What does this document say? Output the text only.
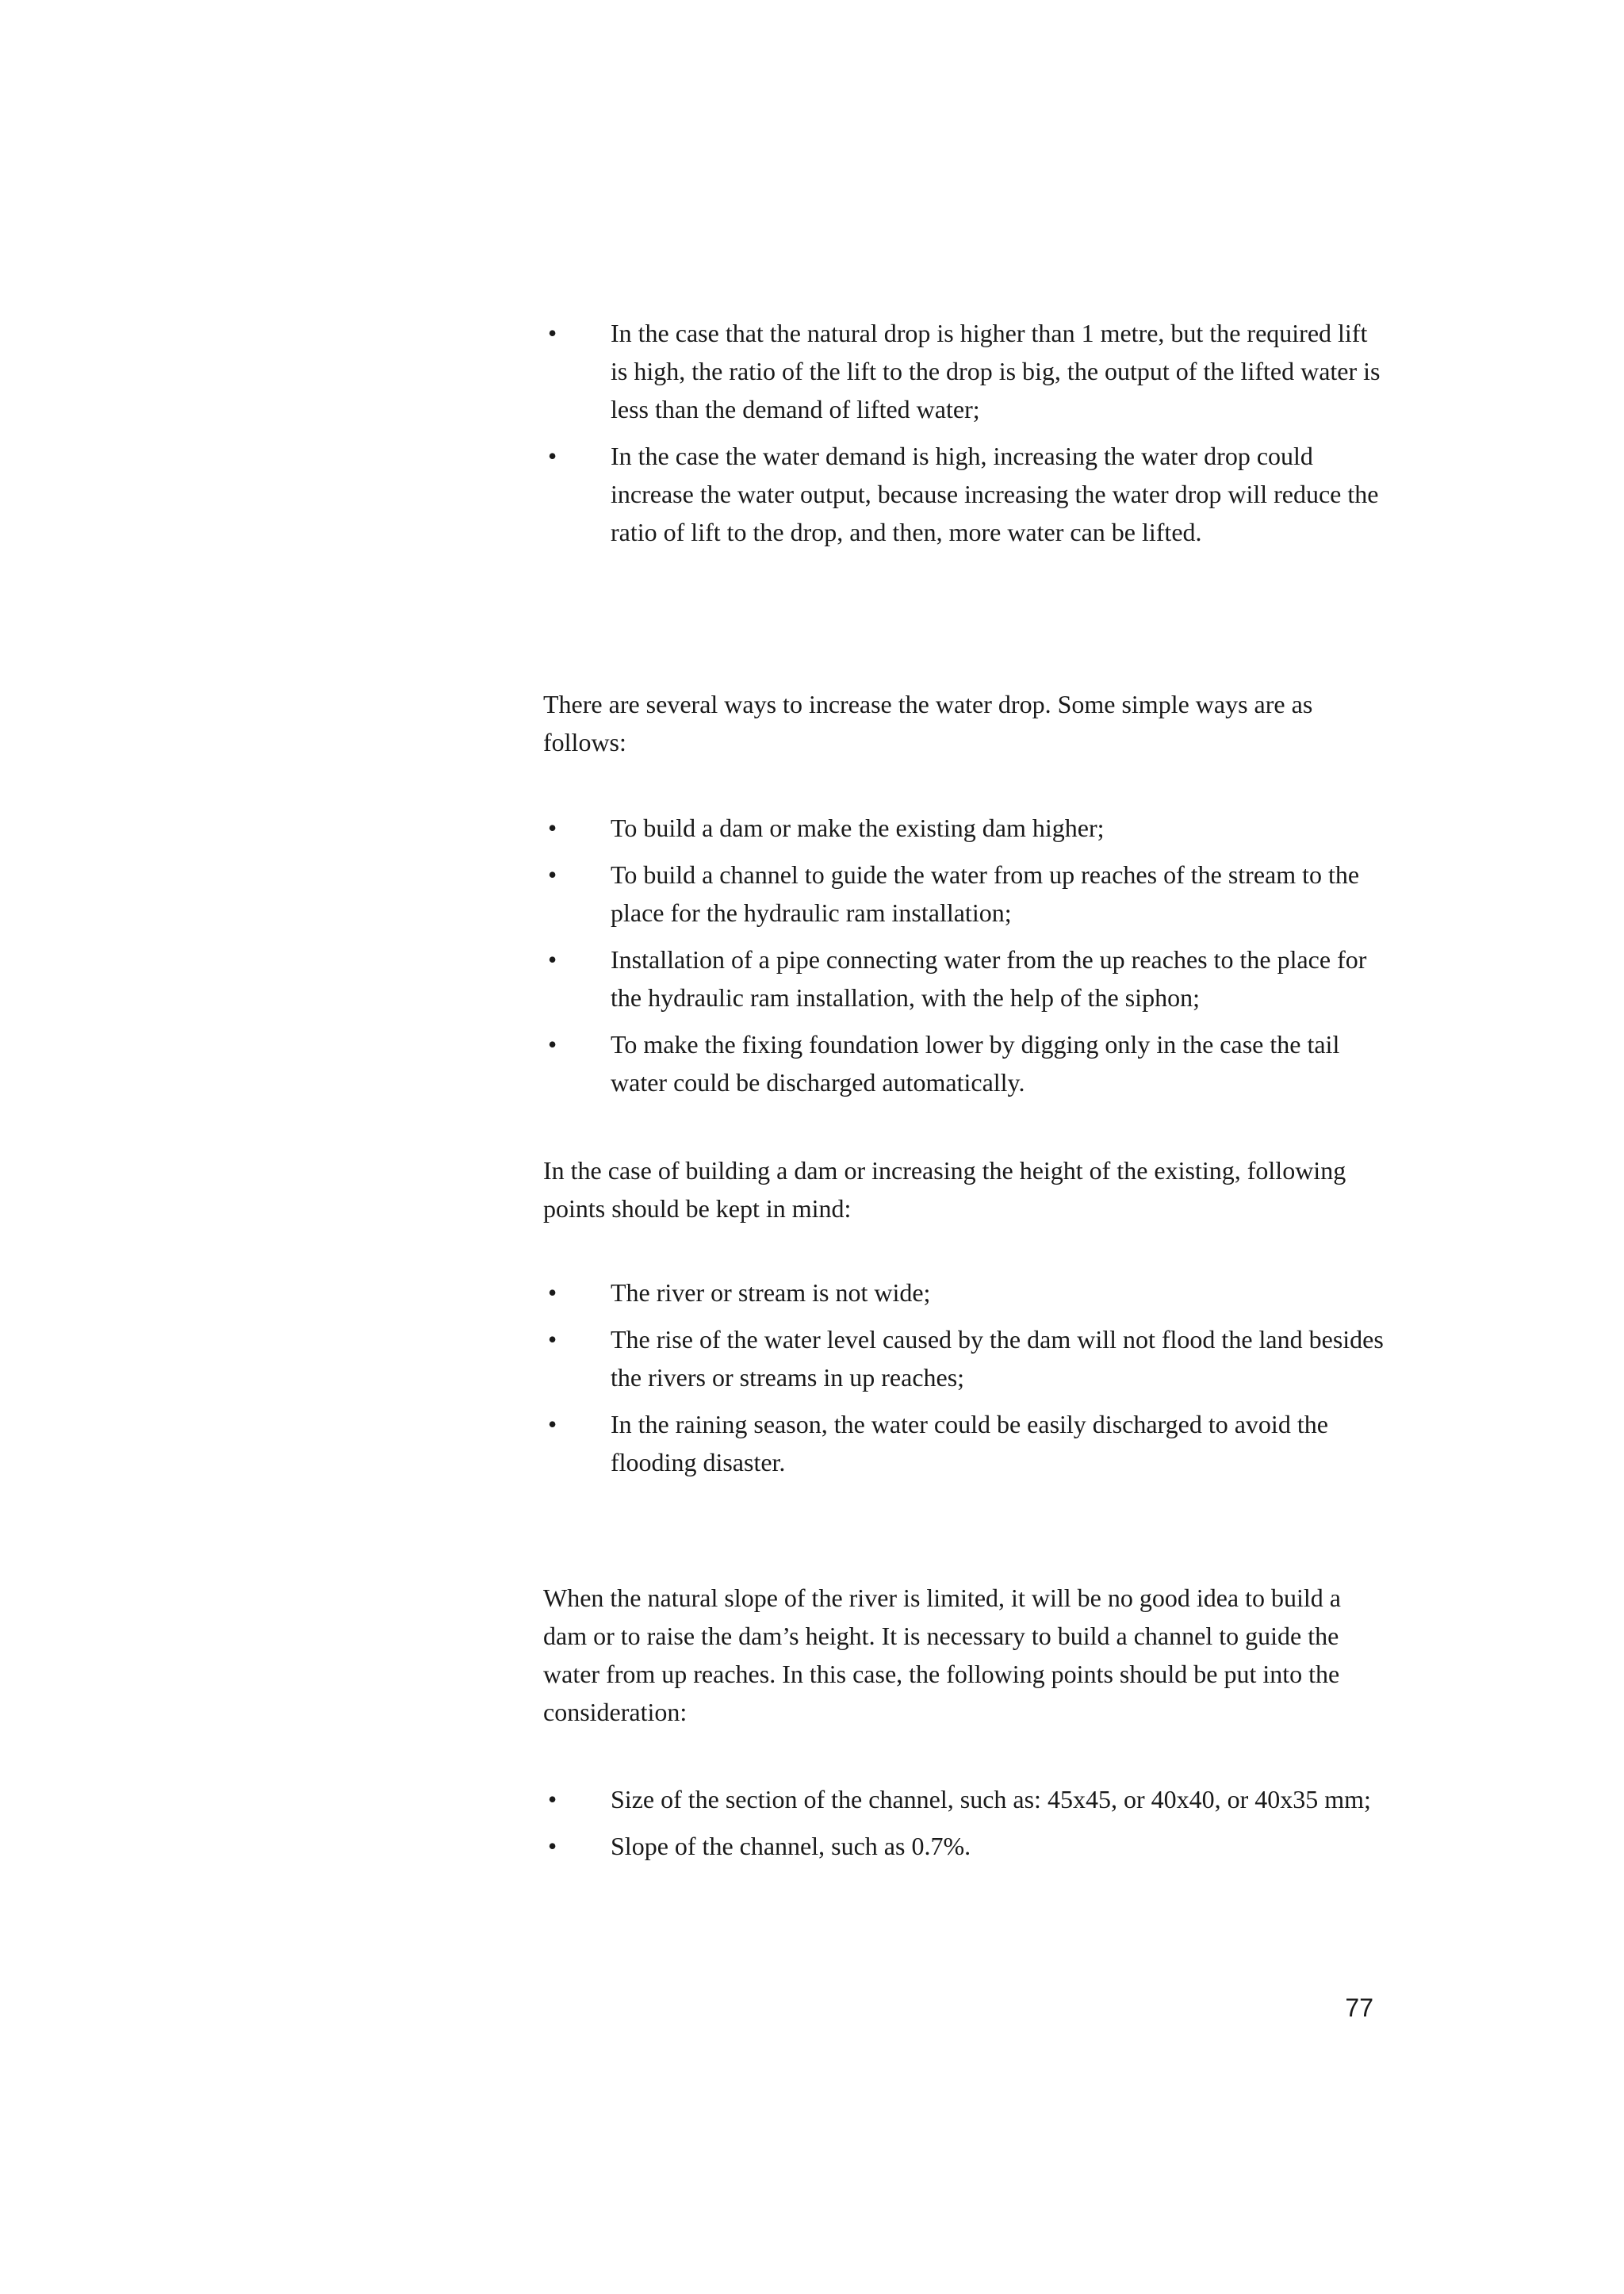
• In the case that the natural drop is higher than 1 metre, but the required lift is high, the ratio of the lift to the drop is big, the output of the lifted water is less than the demand of lifted water;
• In the case the water demand is high, increasing the water drop could increase the water output, because increasing the water drop will reduce the ratio of lift to the drop, and then, more water can be lifted.

There are several ways to increase the water drop. Some simple ways are as follows:

• To build a dam or make the existing dam higher;
• To build a channel to guide the water from up reaches of the stream to the place for the hydraulic ram installation;
• Installation of a pipe connecting water from the up reaches to the place for the hydraulic ram installation, with the help of the siphon;
• To make the fixing foundation lower by digging only in the case the tail water could be discharged automatically.

In the case of building a dam or increasing the height of the existing, following points should be kept in mind:

• The river or stream is not wide;
• The rise of the water level caused by the dam will not flood the land besides the rivers or streams in up reaches;
• In the raining season, the water could be easily discharged to avoid the flooding disaster.

When the natural slope of the river is limited, it will be no good idea to build a dam or to raise the dam’s height. It is necessary to build a channel to guide the water from up reaches. In this case, the following points should be put into the consideration:

• Size of the section of the channel, such as: 45x45, or 40x40, or 40x35 mm;
• Slope of the channel, such as 0.7%.
77
